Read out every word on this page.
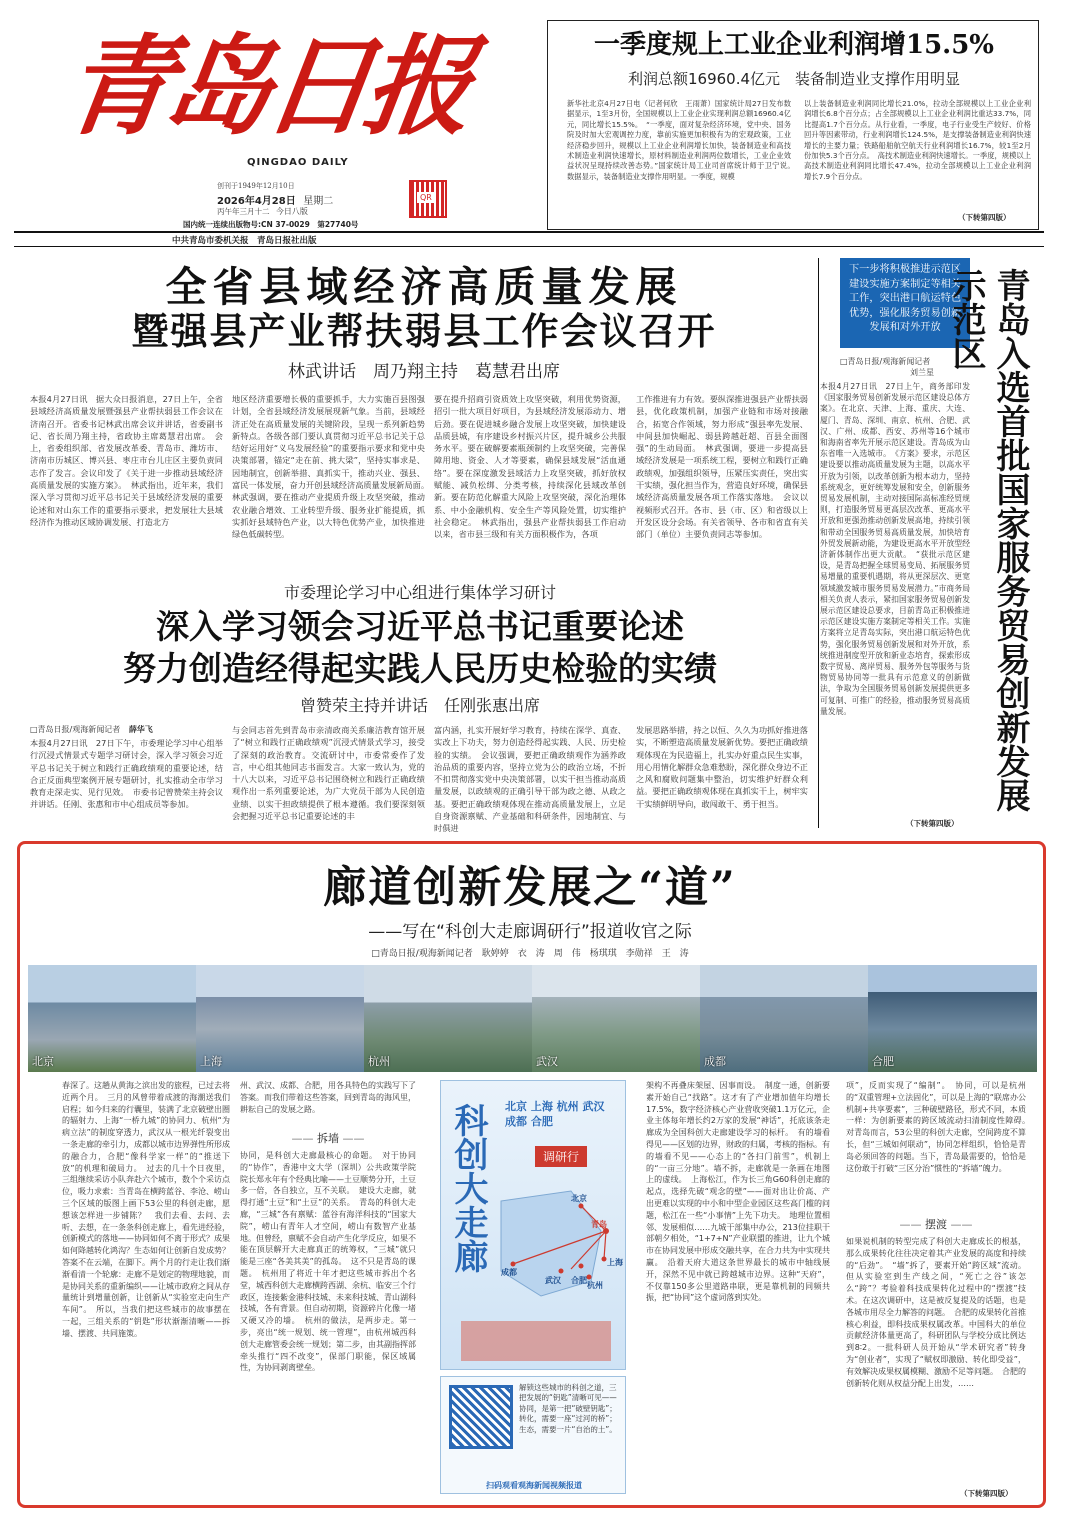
青岛日报
QINGDAO DAILY
创刊于1949年12月10日
2026年4月28日 星期二
丙午年三月十二 今日八版
国内统一连续出版物号:CN 37-0029　第27740号
QR
中共青岛市委机关报　青岛日报社出版
一季度规上工业企业利润增15.5%
利润总额16960.4亿元　装备制造业支撑作用明显
新华社北京4月27日电（记者何欣　王雨萧）国家统计局27日发布数据显示，1至3月份，全国规模以上工业企业实现利润总额16960.4亿元，同比增长15.5%。　“一季度，面对复杂经济环境，党中央、国务院及时加大宏观调控力度，靠前实施更加积极有为的宏观政策，工业经济稳步回升，规模以上工业企业利润增长加快，装备制造业和高技术制造业利润快速增长，原材料制造业利润两位数增长，工业企业效益状况呈现持续改善态势。”国家统计局工业司首席统计师于卫宁说。　数据显示，装备制造业支撑作用明显。一季度，规模
以上装备制造业利润同比增长21.0%，拉动全部规模以上工业企业利润增长6.8个百分点；占全部规模以上工业企业利润比重达33.7%，同比提高1.7个百分点。从行业看，一季度，电子行业受生产较好、价格回升等因素带动，行业利润增长124.5%，是支撑装备制造业利润快速增长的主要力量；铁路船舶航空航天行业利润增长16.7%，较1至2月份加快5.3个百分点。　高技术制造业利润快速增长。一季度，规模以上高技术制造业利润同比增长47.4%，拉动全部规模以上工业企业利润增长7.9个百分点。
（下转第四版）
全省县域经济高质量发展
暨强县产业帮扶弱县工作会议召开
林武讲话　周乃翔主持　葛慧君出席
本报4月27日讯　据大众日报消息，27日上午，全省县域经济高质量发展暨强县产业帮扶弱县工作会议在济南召开。省委书记林武出席会议并讲话，省委副书记、省长周乃翔主持，省政协主席葛慧君出席。　会上，省委组织部、省发展改革委、青岛市、潍坊市、济南市历城区、博兴县、枣庄市台儿庄区主要负责同志作了发言。会议印发了《关于进一步推动县域经济高质量发展的实施方案》。　林武指出，近年来，我们深入学习贯彻习近平总书记关于县域经济发展的重要论述和对山东工作的重要指示要求，把发展壮大县域经济作为推动区域协调发展、打造北方
地区经济重要增长极的重要抓手，大力实施百县图强计划，全省县域经济发展展现新气象。当前，县域经济正处在高质量发展的关键阶段，呈现一系列新趋势新特点。各级各部门要认真贯彻习近平总书记关于总结好运用好“义乌发展经验”的重要指示要求和党中央决策部署，锚定“走在前、挑大梁”，坚持实事求是、因地制宜，创新举措、真抓实干，推动兴业、强县、富民一体发展，奋力开创县域经济高质量发展新局面。　林武强调，要在推动产业提质升级上攻坚突破，推动农业融合增效、工业转型升级、服务业扩能提质，抓实抓好县域特色产业，以大特色优势产业，加快推进绿色低碳转型。
要在提升招商引资质效上攻坚突破，利用优势资源，招引一批大项目好项目，为县域经济发展添动力、增后劲。要在促进城乡融合发展上攻坚突破，加快建设品质县城，有序建设乡村振兴片区，提升城乡公共服务水平。要在破解要素瓶颈制约上攻坚突破，完善保障用地、资金、人才等要素，确保县域发展“活血通络”。要在深度激发县域活力上攻坚突破，抓好放权赋能、减负松绑、分类考核，持续深化县域改革创新。要在防范化解重大风险上攻坚突破，深化治理体系、中小金融机构、安全生产等风险处置，切实维护社会稳定。　林武指出，强县产业帮扶弱县工作启动以来，省市县三级和有关方面积极作为，各项
工作推进有力有效。要纵深推进强县产业帮扶弱县，优化政策机制，加强产业链和市场对接融合，拓宽合作领域，努力形成“强县率先发展、中间县加快崛起、弱县跨越赶超、百县全面图强”的生动局面。　林武强调，要进一步提高县域经济发展是一项系统工程，要树立和践行正确政绩观，加强组织领导，压紧压实责任，突出实干实绩，强化担当作为，营造良好环境，确保县域经济高质量发展各项工作落实落地。　会议以视频形式召开。各市、县（市、区）和省级以上开发区设分会场。有关省领导、各市和省直有关部门（单位）主要负责同志等参加。
下一步将积极推进示范区建设实施方案制定等相关工作，突出港口航运特色优势，强化服务贸易创新发展和对外开放	青岛入选首批国家服务贸易创新发展示范区
□青岛日报/观海新闻记者
刘兰星
本报4月27日讯　27日上午，商务部印发《国家服务贸易创新发展示范区建设总体方案》。在北京、天津、上海、重庆、大连、厦门、青岛、深圳、南京、杭州、合肥、武汉、广州、成都、西安、苏州等16个城市和海南省率先开展示范区建设。青岛成为山东省唯一入选城市。　《方案》要求，示范区建设要以推动高质量发展为主题，以高水平开放为引领，以改革创新为根本动力，坚持系统观念，更好统筹发展和安全，创新服务贸易发展机制，主动对接国际高标准经贸规则，打造服务贸易更高层次改革、更高水平开放和更强劲推动创新发展高地，持续引领和带动全国服务贸易高质量发展，加快培育外贸发展新动能，为建设更高水平开放型经济新体制作出更大贡献。　“获批示范区建设，是青岛把握全球贸易变局、拓展服务贸易增量的重要机遇期，将从更深层次、更宽领域激发城市服务贸易发展潜力。”市商务局相关负责人表示，紧扣国家服务贸易创新发展示范区建设总要求，目前青岛正积极推进示范区建设实施方案制定等相关工作。实施方案将立足青岛实际，突出港口航运特色优势，强化服务贸易创新发展和对外开放，系统推进制度型开放和新业态培育，探索形成数字贸易、离岸贸易、服务外包等服务与货物贸易协同等一批具有示范意义的创新做法，争取为全国服务贸易创新发展提供更多可复制、可推广的经验，推动服务贸易高质量发展。
（下转第四版）
市委理论学习中心组进行集体学习研讨
深入学习领会习近平总书记重要论述
努力创造经得起实践人民历史检验的实绩
曾赞荣主持并讲话　任刚张惠出席
□青岛日报/观海新闻记者 薛华飞
本报4月27日讯　27日下午，市委理论学习中心组举行沉浸式情景式专题学习研讨会，深入学习领会习近平总书记关于树立和践行正确政绩观的重要论述，结合正反面典型案例开展专题研讨，扎实推动全市学习教育走深走实、见行见效。　市委书记曾赞荣主持会议并讲话。任刚、张惠和市中心组成员等参加。
与会同志首先到青岛市亲清政商关系廉洁教育馆开展了“树立和践行正确政绩观”沉浸式情景式学习，接受了深刻的政治教育。交流研讨中，市委常委作了发言，中心组其他同志书面发言。大家一致认为，党的十八大以来，习近平总书记围绕树立和践行正确政绩观作出一系列重要论述，为广大党员干部为人民创造业绩、以实干担政绩提供了根本遵循。我们要深刻领会把握习近平总书记重要论述的丰
富内涵，扎实开展好学习教育，持续在深学、真查、实改上下功夫，努力创造经得起实践、人民、历史检验的实绩。　会议强调，要把正确政绩观作为涵养政治品质的重要内容，坚持立党为公的政治立场，不折不扣贯彻落实党中央决策部署，以实干担当推动高质量发展，以政绩观的正确引导干部为政之德、从政之基。要把正确政绩观体现在推动高质量发展上，立足自身资源禀赋、产业基础和科研条件，因地制宜、与时俱进
发展思路举措，持之以恒、久久为功抓好推进落实，不断塑造高质量发展新优势。要把正确政绩观体现在为民造福上，扎实办好重点民生实事，用心用情化解群众急难愁盼，深化群众身边不正之风和腐败问题集中整治，切实维护好群众利益。要把正确政绩观体现在真抓实干上，树牢实干实绩鲜明导向，敢闯敢干、勇于担当。
廊道创新发展之“道”
——写在“科创大走廊调研行”报道收官之际
□青岛日报/观海新闻记者　耿婷婷　衣　涛　周　伟　杨琪琪　李勋祥　王　涛
北京	上海	杭州	武汉	成都	合肥
春深了。这趟从黄海之滨出发的旅程，已过去将近两个月。　三月的风曾带着成渡的海潮送我们启程；如今归来的行囊里，装满了北京破壁出圈的辐射力、上海“一桥九城”的协同力、杭州“为病立法”的制度穿透力，武汉从一根光纤裂变出一条走廊的牵引力，成都以城市边界弹性所形成的融合力，合肥“像科学家一样”的“推送下放”的机理和破局力。　过去的几十个日夜里，三组继续采访小队奔赴六个城市，数个个采访点位，吸力求索：当青岛在横跨蓝谷、李沧、崂山三个区域的版图上画下53公里的科创走廊，愿想该怎样进一步铺陈？　我们去看、去问、去听、去想，在一条条科创走廊上，看先进经验，创新模式的落地——协同如何不离于形式？成果如何降越转化鸿沟？生态如何让创新自发成势？　答案不在云端，在脚下。两个月的行走让我们渐渐看清一个轮廓：走廊不是划定的物理地貌，而是协同关系的重新编织——让城市政府之间从存量统计到增量创新，让创新从“实验室走向生产车间”。　所以，当我们把这些城市的故事摆在一起，三组关系的“钥匙”形状渐渐清晰——拆墙、摆渡、共同施策。
州、武汉、成都、合肥，用各具特色的实践写下了答案。而我们带着这些答案，回到青岛的海风里，耕耘自己的发展之路。
—— 拆墙 ——
协同，是科创大走廊最核心的命题。　对于协同的“协作”，香港中文大学（深圳）公共政策学院院长郑永年有个经典比喻——土豆顺势分开，土豆多一倍，各自独立，互不关联。　建设大走廊，就得打通“土豆”和“土豆”的关系。　青岛的科创大走廊，“三城”各有禀赋：蓝谷有海洋科技的“国家大院”，崂山有青年人才空间，崂山有数智产业基地。但曾经，禀赋不会自动产生化学反应，如果不能在顶层解开大走廊真正的统筹权，“三城”就只能是三座“各美其美”的孤岛。　这不只是青岛的课题。　杭州用了将近十年才把这些城市拆出个名堂，城西科创大走廊横跨西湖、余杭、临安三个行政区，连接紫金港科技城、未来科技城、青山湖科技城，各有背景。但自动初期，资源碎片化像一堵又硬又冷的墙。　杭州的做法，是两步走。第一步，亮出“统一规划、统一管理”，由杭州城西科创大走廊管委会统一规划；第二步，由其副指挥部牵头推行“四不改变”，保部门职能，保区域属性，为协同剥离壁垒。
科创大走廊 北京 上海 杭州 武汉 成都 合肥
调研行
北京
青岛
上海
杭州
合肥
武汉
成都
解锁这些城市的科创之道，三把发展的“钥匙”清晰可见——协同，是第一把“破壁钥匙”；转化，需要一座“过河的桥”；生态，需要一片“自治的土”。
扫码观看观海新闻视频报道
架构不再叠床架屋、因事而设。　制度一通，创新要素开始自己“找路”。这才有了产业增加值年均增长17.5%，数字经济核心产业营收突破1.1万亿元，企业主体每年增长约2万家的发展“神话”，托底该条走廊成为全国科创大走廊建设学习的标杆。　有的墙看得见——区划的边界，财政的归属，考核的指标。有的墙看不见——心态上的“各扫门前雪”，机制上的“一亩三分地”。墙不拆，走廊就是一条画在地图上的虚线。　上海松江，作为长三角G60科创走廊的起点，选择先破“观念的壁”——面对出让价高、产出更难以实现的中小和中型企业园区这些高门槛的问题，松江在一些“小事情”上先下功夫。　地理位置相邻、发展相似……九城干部集中办公，213位挂职干部朝夕相处，“1+7+N”产业联盟的推进，让九个城市在协同发展中形成交融共享，在合力共为中实现共赢。　沿着天府大道这条世界最长的城市中轴线展开，深然不见中就已跨越城市边界。这种“天府”，不仅靠150多公里道路串联，更是靠机制的同频共振，把“协同”这个虚词落到实处。
项”，反而实现了“编制”。　协同，可以是杭州的“双重管理+立法固化”，可以是上海的“联席办公机制+共享要素”，三种破壁路径，形式不同，本质一样：为创新要素的跨区域流动扫清制度性障碍。　对青岛而言，53公里的科创大走廊，空间跨度不算长，但“三城如何联动”，协同怎样组织，恰恰是青岛必须回答的问题。当下，青岛最需要的，恰恰是这份敢于打破“三区分治”惯性的“拆墙”魄力。
—— 摆渡 ——
如果说机制的转型完成了科创大走廊成长的根基，那么成果转化往往决定着其产业发展的高度和持续的“后劲”。　“墙”拆了，要素开始“跨区域”流动。但从实验室到生产线之间，“死亡之谷”该怎么“跨”？考验着科技成果转化过程中的“摆渡”技术。在这次调研中，这是被反复提及的话题，也是各城市用尽全力解答的问题。　合肥的成果转化首推核心利益，即科技成果权属改革。中国科大的单位贡献经济体量更高了，科研团队与学校分成比例达到8∶2。一批科研人员开始从“学术研究者”转身为“创业者”，实现了“赋权即激励、转化即受益”，有效解决成果权属模糊、激励不足等问题。　合肥的创新转化则从权益分配上出发，……
（下转第四版）
